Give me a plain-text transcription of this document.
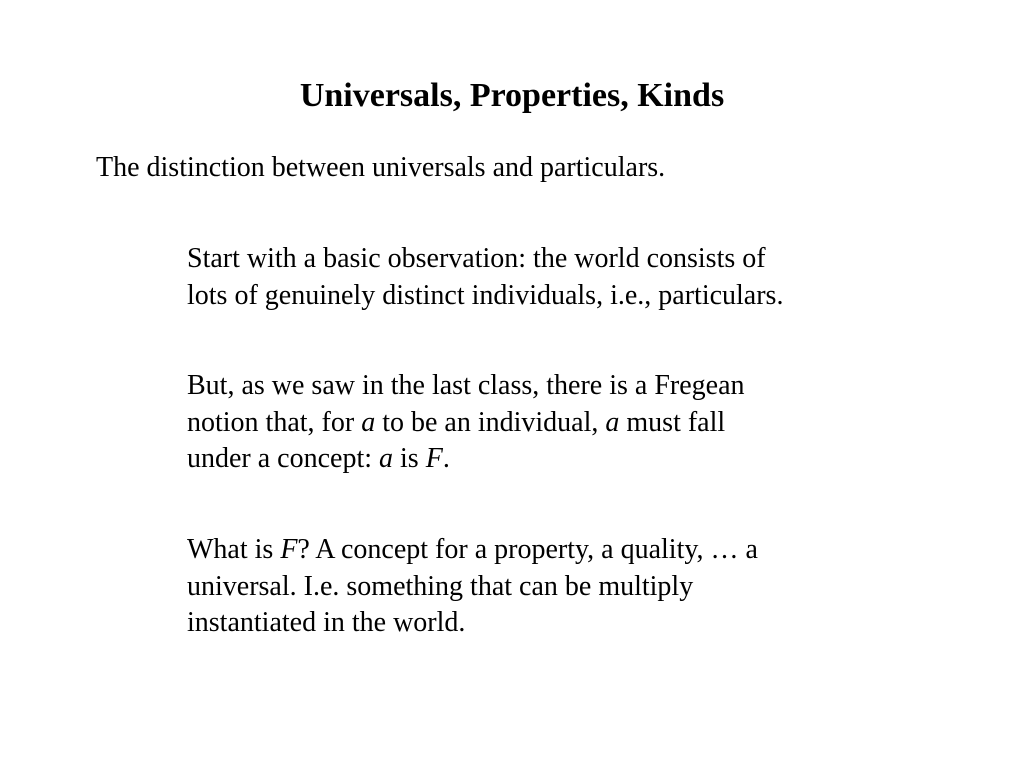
Universals, Properties, Kinds

The distinction between universals and particulars.

Start with a basic observation: the world consists of
lots of genuinely distinct individuals, i.e., particulars.

But, as we saw in the last class, there is a Fregean
notion that, for a to be an individual, a must fall
under a concept: a is F.

What is F? A concept for a property, a quality, … a
universal. I.e. something that can be multiply
instantiated in the world.
